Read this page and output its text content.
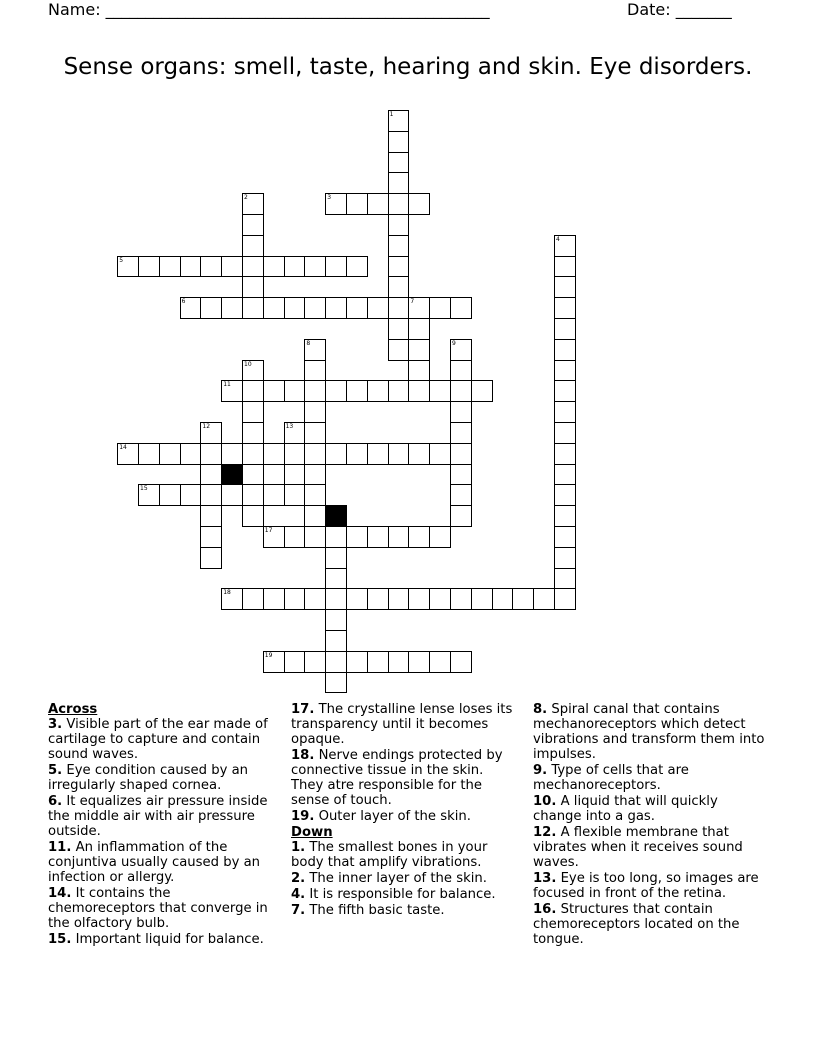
Name: ________________________________________________	Date: _______
Sense organs: smell, taste, hearing and skin. Eye disorders.
1
2	3
4
5
6	7
8	9
10
11
12	13
14
15
16
17
18
19
Across
3. Visible part of the ear made of cartilage to capture and contain sound waves.
5. Eye condition caused by an irregularly shaped cornea.
6. It equalizes air pressure inside the middle air with air pressure outside.
11. An inflammation of the conjuntiva usually caused by an infection or allergy.
14. It contains the chemoreceptors that converge in the olfactory bulb.
15. Important liquid for balance.
17. The crystalline lense loses its transparency until it becomes opaque.
18. Nerve endings protected by connective tissue in the skin. They atre responsible for the sense of touch.
19. Outer layer of the skin.
Down
1. The smallest bones in your body that amplify vibrations.
2. The inner layer of the skin.
4. It is responsible for balance.
7. The fifth basic taste.
8. Spiral canal that contains mechanoreceptors which detect vibrations and transform them into impulses.
9. Type of cells that are mechanoreceptors.
10. A liquid that will quickly change into a gas.
12. A flexible membrane that vibrates when it receives sound waves.
13. Eye is too long, so images are focused in front of the retina.
16. Structures that contain chemoreceptors located on the tongue.
